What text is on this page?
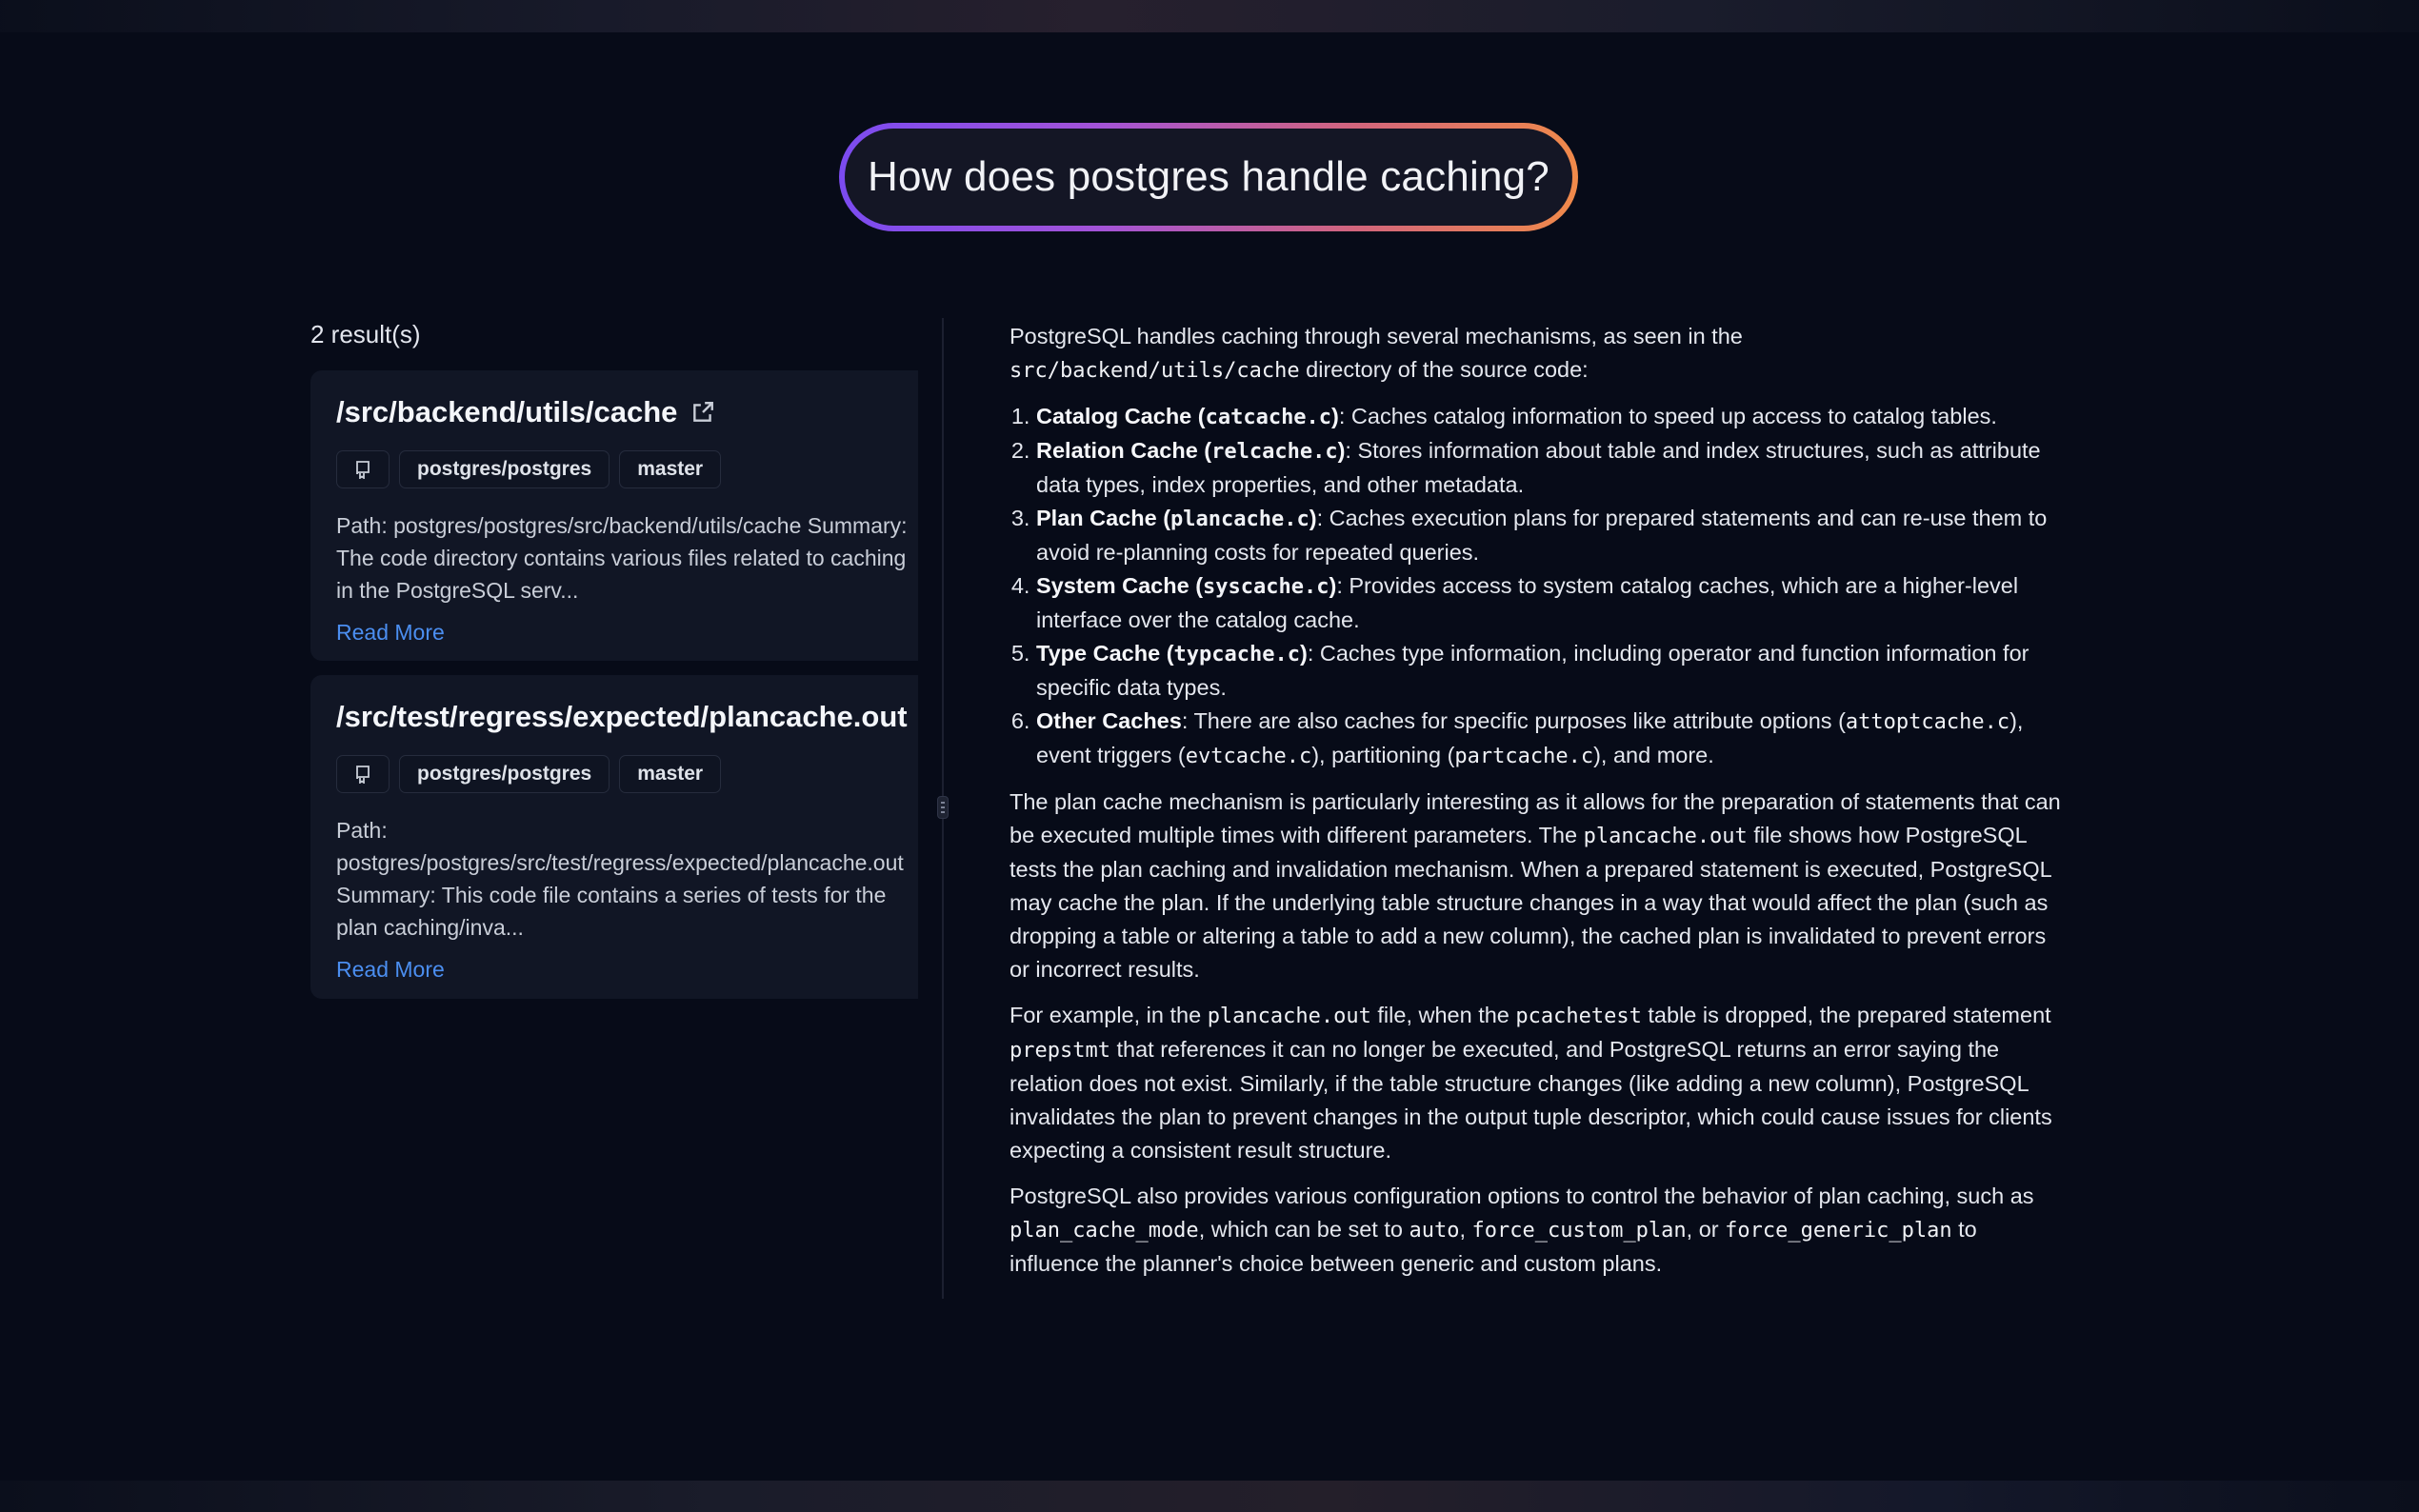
How does postgres handle caching?
2 result(s)
/src/backend/utils/cache
postgres/postgres	master
Path: postgres/postgres/src/backend/utils/cache Summary:
The code directory contains various files related to caching
in the PostgreSQL serv...
Read More
/src/test/regress/expected/plancache.out
postgres/postgres	master
Path:
postgres/postgres/src/test/regress/expected/plancache.out
Summary: This code file contains a series of tests for the
plan caching/inva...
Read More

PostgreSQL handles caching through several mechanisms, as seen in the
src/backend/utils/cache directory of the source code:

1. Catalog Cache (catcache.c): Caches catalog information to speed up access to catalog tables.
2. Relation Cache (relcache.c): Stores information about table and index structures, such as attribute data types, index properties, and other metadata.
3. Plan Cache (plancache.c): Caches execution plans for prepared statements and can re-use them to avoid re-planning costs for repeated queries.
4. System Cache (syscache.c): Provides access to system catalog caches, which are a higher-level interface over the catalog cache.
5. Type Cache (typcache.c): Caches type information, including operator and function information for specific data types.
6. Other Caches: There are also caches for specific purposes like attribute options (attoptcache.c), event triggers (evtcache.c), partitioning (partcache.c), and more.

The plan cache mechanism is particularly interesting as it allows for the preparation of statements that can be executed multiple times with different parameters. The plancache.out file shows how PostgreSQL tests the plan caching and invalidation mechanism. When a prepared statement is executed, PostgreSQL may cache the plan. If the underlying table structure changes in a way that would affect the plan (such as dropping a table or altering a table to add a new column), the cached plan is invalidated to prevent errors or incorrect results.

For example, in the plancache.out file, when the pcachetest table is dropped, the prepared statement prepstmt that references it can no longer be executed, and PostgreSQL returns an error saying the relation does not exist. Similarly, if the table structure changes (like adding a new column), PostgreSQL invalidates the plan to prevent changes in the output tuple descriptor, which could cause issues for clients expecting a consistent result structure.

PostgreSQL also provides various configuration options to control the behavior of plan caching, such as plan_cache_mode, which can be set to auto, force_custom_plan, or force_generic_plan to influence the planner's choice between generic and custom plans.
